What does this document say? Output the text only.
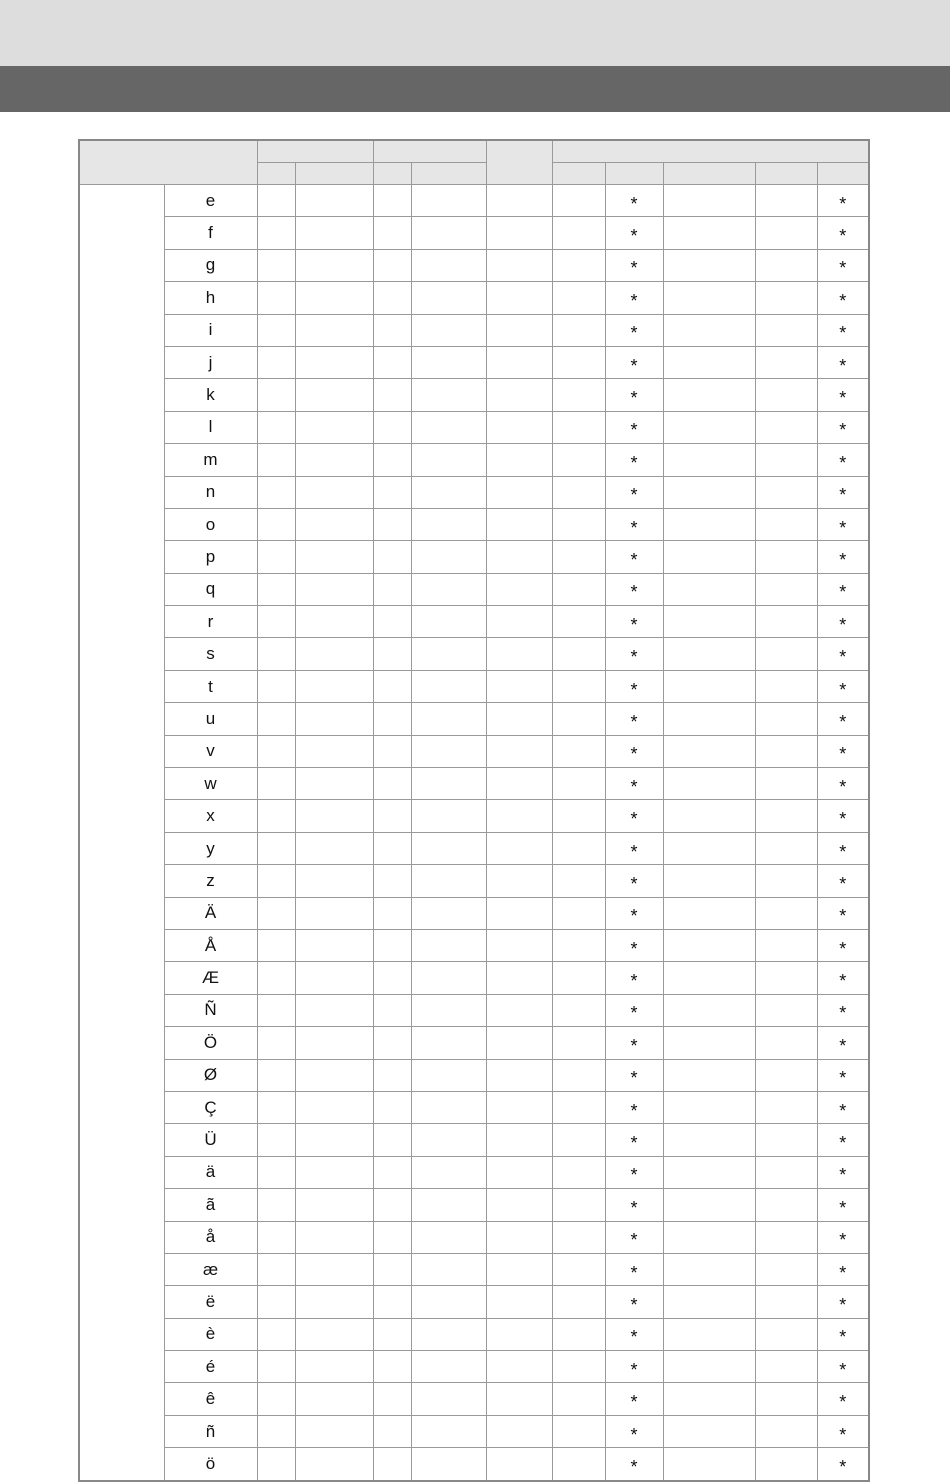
	e							*			*
	f							*			*
	g							*			*
	h							*			*
	i							*			*
	j							*			*
	k							*			*
	l							*			*
	m							*			*
	n							*			*
	o							*			*
	p							*			*
	q							*			*
	r							*			*
	s							*			*
	t							*			*
	u							*			*
	v							*			*
	w							*			*
	x							*			*
	y							*			*
	z							*			*
	Ä							*			*
	Å							*			*
	Æ							*			*
	Ñ							*			*
	Ö							*			*
	Ø							*			*
	Ç							*			*
	Ü							*			*
	ä							*			*
	ã							*			*
	å							*			*
	æ							*			*
	ë							*			*
	è							*			*
	é							*			*
	ê							*			*
	ñ							*			*
	ö							*			*
